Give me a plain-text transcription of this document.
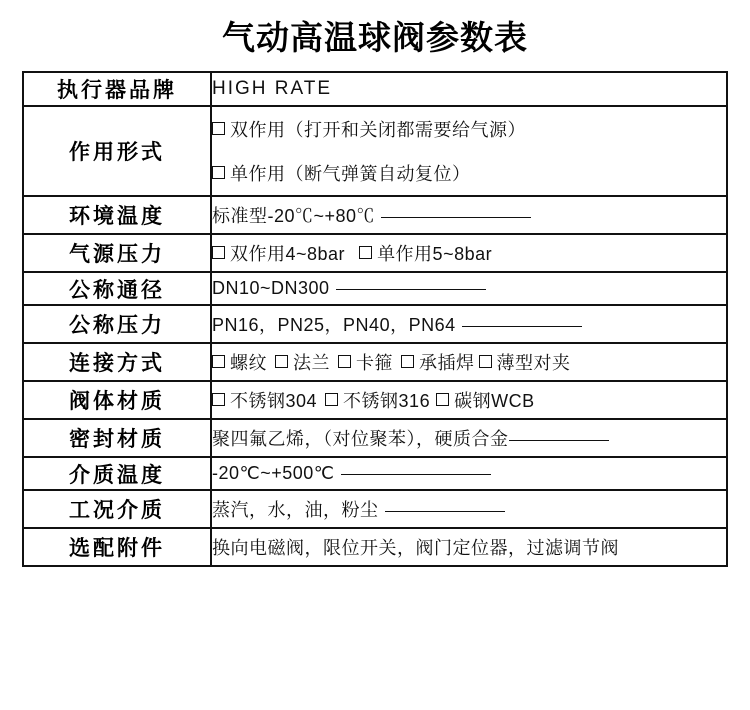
气动高温球阀参数表
执行器品牌	HIGH RATE

作用形式	双作用（打开和关闭都需要给气源）
单作用（断气弹簧自动复位）

环境温度	标准型-20℃~+80℃

气源压力	双作用4~8bar 单作用5~8bar

公称通径	DN10~DN300

公称压力	PN16，PN25，PN40，PN64

连接方式	螺纹 法兰 卡箍 承插焊 薄型对夹

阀体材质	不锈钢304 不锈钢316 碳钢WCB

密封材质	聚四氟乙烯，（对位聚苯），硬质合金

介质温度	-20℃~+500℃

工况介质	蒸汽，水，油，粉尘

选配附件	换向电磁阀，限位开关，阀门定位器，过滤调节阀
